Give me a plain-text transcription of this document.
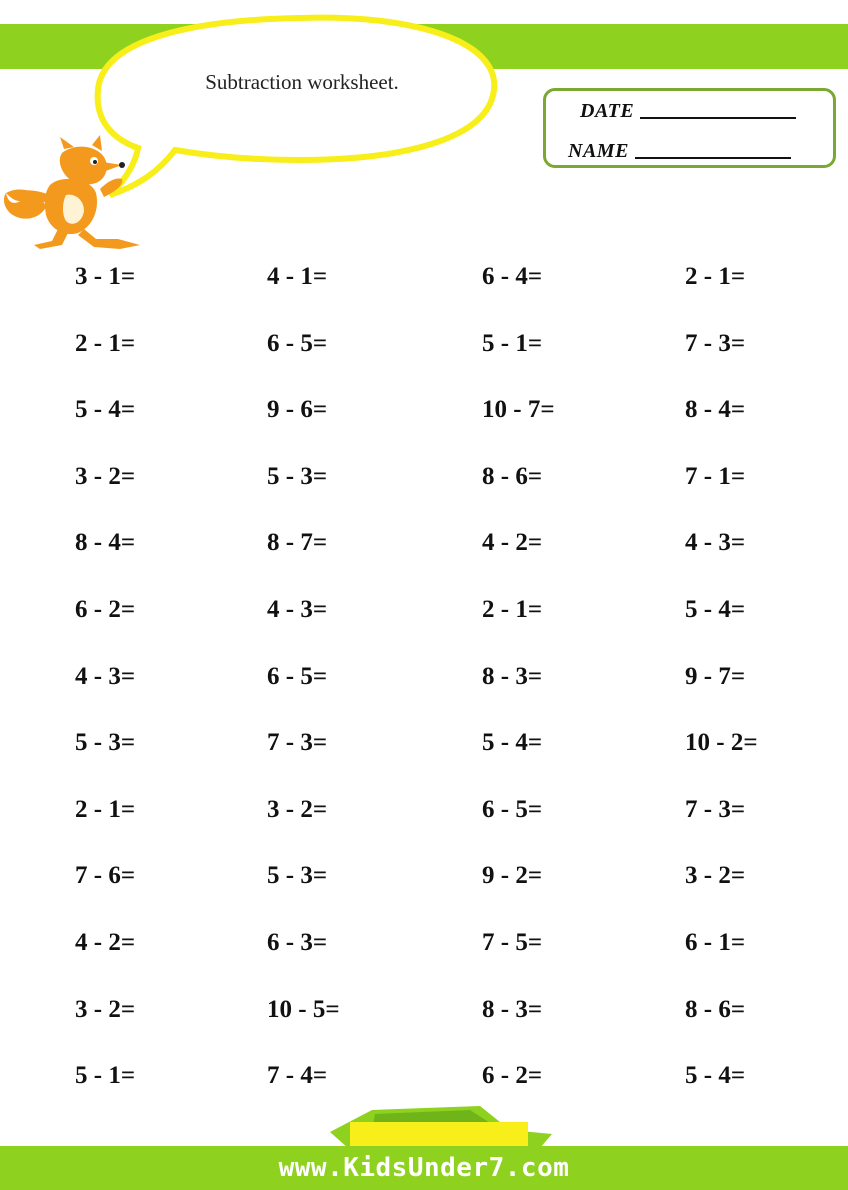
Subtraction worksheet.
DATE
NAME
3 - 1=	4 - 1=	6 - 4=	2 - 1=
2 - 1=	6 - 5=	5 - 1=	7 - 3=
5 - 4=	9 - 6=	10 - 7=	8 - 4=
3 - 2=	5 - 3=	8 - 6=	7 - 1=
8 - 4=	8 - 7=	4 - 2=	4 - 3=
6 - 2=	4 - 3=	2 - 1=	5 - 4=
4 - 3=	6 - 5=	8 - 3=	9 - 7=
5 - 3=	7 - 3=	5 - 4=	10 - 2=
2 - 1=	3 - 2=	6 - 5=	7 - 3=
7 - 6=	5 - 3=	9 - 2=	3 - 2=
4 - 2=	6 - 3=	7 - 5=	6 - 1=
3 - 2=	10 - 5=	8 - 3=	8 - 6=
5 - 1=	7 - 4=	6 - 2=	5 - 4=
www.KidsUnder7.com
